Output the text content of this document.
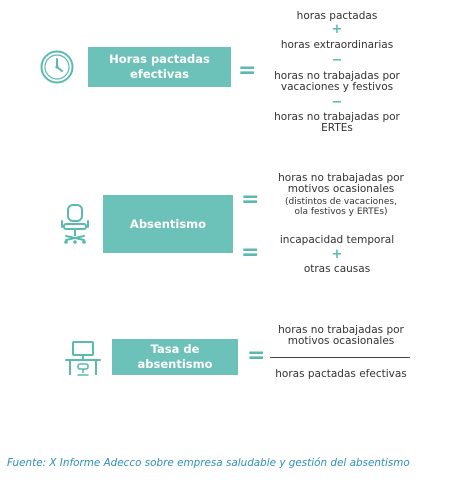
Horas pactadas
efectivas =
horas pactadas
+
horas extraordinarias
−
horas no trabajadas por
vacaciones y festivos
−
horas no trabajadas por
ERTEs
Absentismo
=
=
horas no trabajadas por
motivos ocasionales
(distintos de vacaciones,
ola festivos y ERTEs)
incapacidad temporal
+
otras causas
Tasa de
absentismo =
horas no trabajadas por
motivos ocasionales
horas pactadas efectivas
Fuente: X Informe Adecco sobre empresa saludable y gestión del absentismo
